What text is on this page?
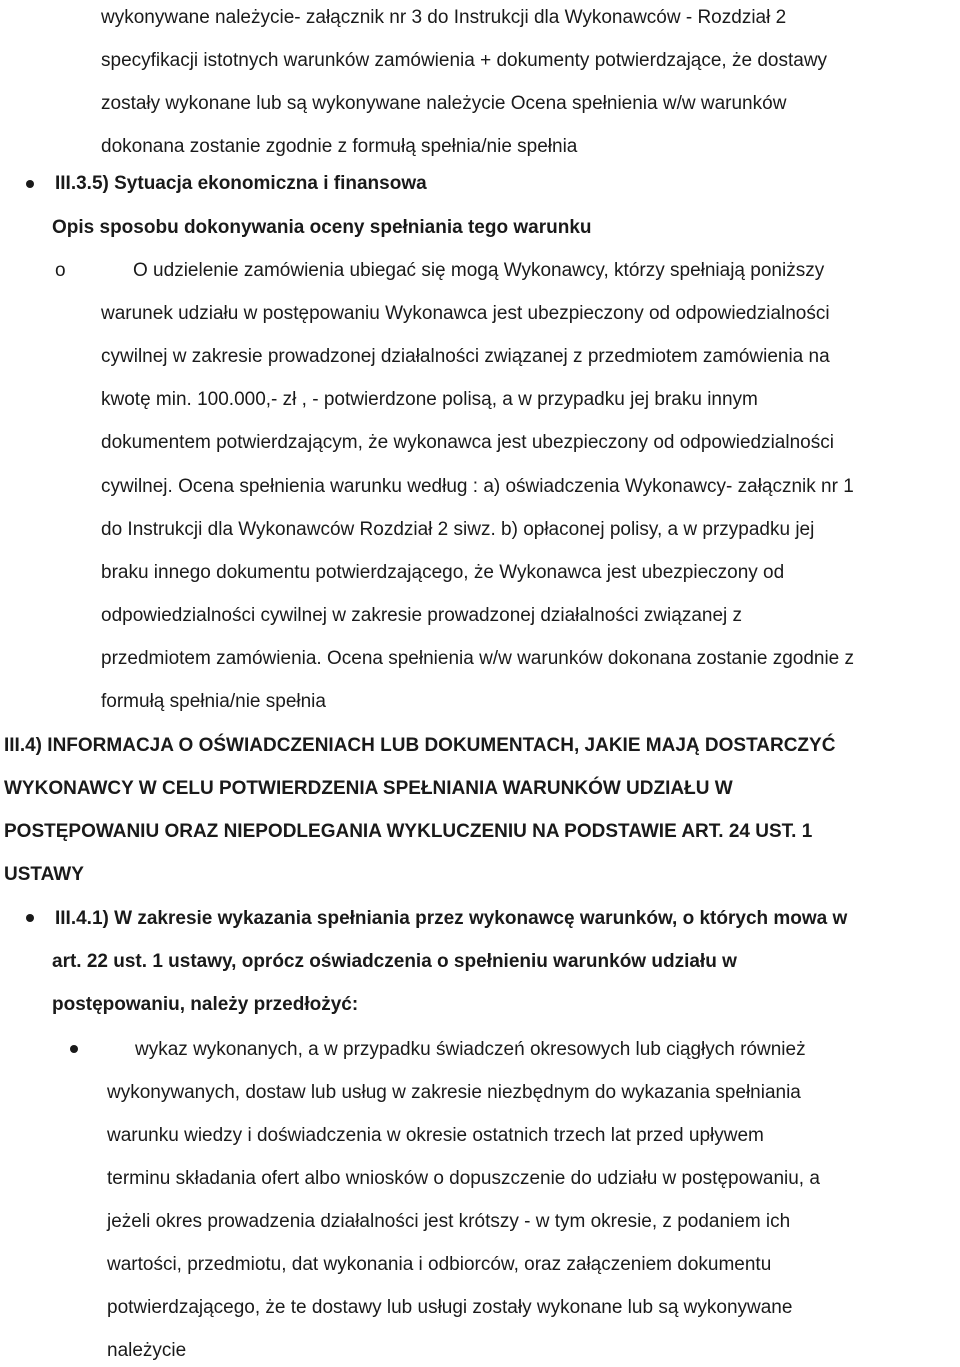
wykonywane należycie- załącznik nr 3 do Instrukcji dla Wykonawców - Rozdział 2
specyfikacji istotnych warunków zamówienia + dokumenty potwierdzające, że dostawy
zostały wykonane lub są wykonywane należycie Ocena spełnienia w/w warunków
dokonana zostanie zgodnie z formułą spełnia/nie spełnia
III.3.5) Sytuacja ekonomiczna i finansowa
Opis sposobu dokonywania oceny spełniania tego warunku
o	O udzielenie zamówienia ubiegać się mogą Wykonawcy, którzy spełniają poniższy
warunek udziału w postępowaniu Wykonawca jest ubezpieczony od odpowiedzialności
cywilnej w zakresie prowadzonej działalności związanej z przedmiotem zamówienia na
kwotę min. 100.000,- zł , - potwierdzone polisą, a w przypadku jej braku innym
dokumentem potwierdzającym, że wykonawca jest ubezpieczony od odpowiedzialności
cywilnej. Ocena spełnienia warunku według : a) oświadczenia Wykonawcy- załącznik nr 1
do Instrukcji dla Wykonawców Rozdział 2 siwz. b) opłaconej polisy, a w przypadku jej
braku innego dokumentu potwierdzającego, że Wykonawca jest ubezpieczony od
odpowiedzialności cywilnej w zakresie prowadzonej działalności związanej z
przedmiotem zamówienia. Ocena spełnienia w/w warunków dokonana zostanie zgodnie z
formułą spełnia/nie spełnia
III.4) INFORMACJA O OŚWIADCZENIACH LUB DOKUMENTACH, JAKIE MAJĄ DOSTARCZYĆ
WYKONAWCY W CELU POTWIERDZENIA SPEŁNIANIA WARUNKÓW UDZIAŁU W
POSTĘPOWANIU ORAZ NIEPODLEGANIA WYKLUCZENIU NA PODSTAWIE ART. 24 UST. 1
USTAWY
III.4.1) W zakresie wykazania spełniania przez wykonawcę warunków, o których mowa w
art. 22 ust. 1 ustawy, oprócz oświadczenia o spełnieniu warunków udziału w
postępowaniu, należy przedłożyć:
wykaz wykonanych, a w przypadku świadczeń okresowych lub ciągłych również
wykonywanych, dostaw lub usług w zakresie niezbędnym do wykazania spełniania
warunku wiedzy i doświadczenia w okresie ostatnich trzech lat przed upływem
terminu składania ofert albo wniosków o dopuszczenie do udziału w postępowaniu, a
jeżeli okres prowadzenia działalności jest krótszy - w tym okresie, z podaniem ich
wartości, przedmiotu, dat wykonania i odbiorców, oraz załączeniem dokumentu
potwierdzającego, że te dostawy lub usługi zostały wykonane lub są wykonywane
należycie
